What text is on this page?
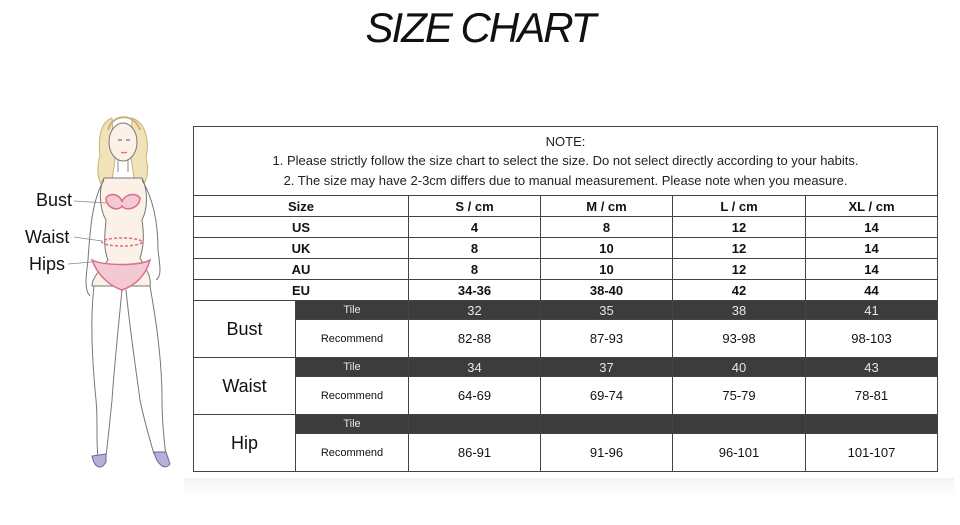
SIZE CHART
Bust
Waist
Hips
NOTE:
1. Please strictly follow the size chart to select the size. Do not select directly according to your habits.
2. The size may have 2-3cm differs due to manual measurement. Please note when you measure.					

Size		S / cm	M / cm	L / cm	XL / cm
US		4	8	12	14
UK		8	10	12	14
AU		8	10	12	14
EU		34-36	38-40	42	44
Bust	Tile	32	35	38	41
	Recommend	82-88	87-93	93-98	98-103
Waist	Tile	34	37	40	43
	Recommend	64-69	69-74	75-79	78-81
Hip	Tile				
	Recommend	86-91	91-96	96-101	101-107
